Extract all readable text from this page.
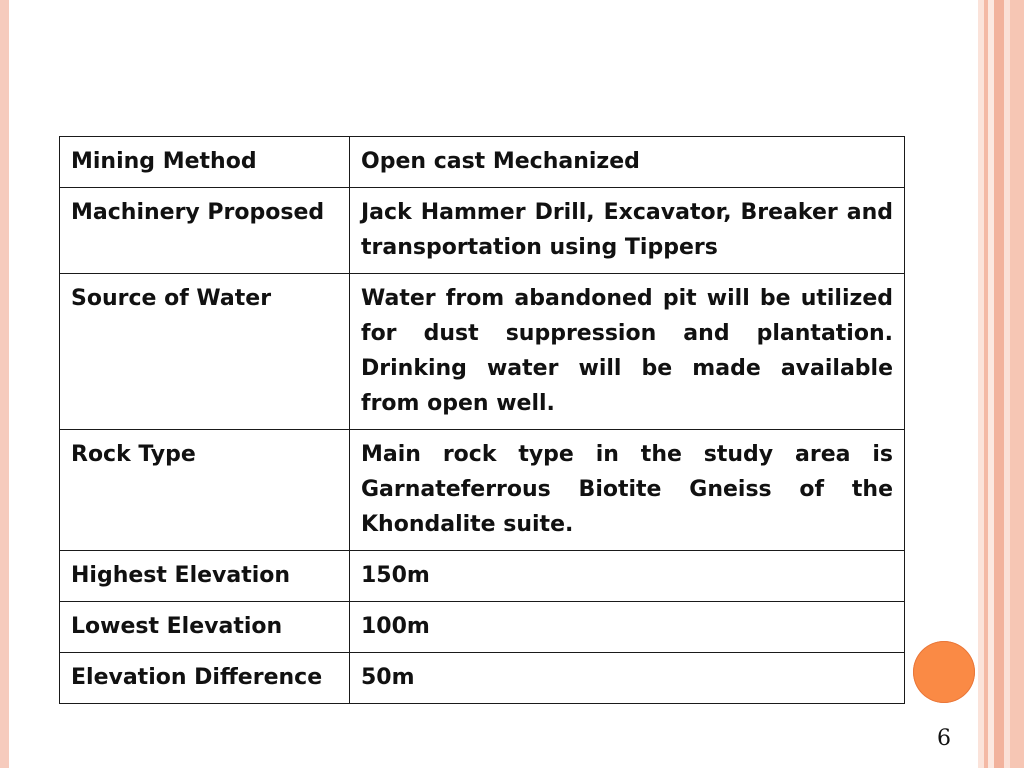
Mining Method	Open cast Mechanized
Machinery Proposed	Jack Hammer Drill, Excavator, Breaker and transportation using Tippers
Source of Water	Water from abandoned pit will be utilized for dust suppression and plantation. Drinking water will be made available from open well.
Rock Type	Main rock type in the study area is Garnateferrous Biotite Gneiss of the Khondalite suite.
Highest Elevation	150m
Lowest Elevation	100m
Elevation Difference	50m
6
